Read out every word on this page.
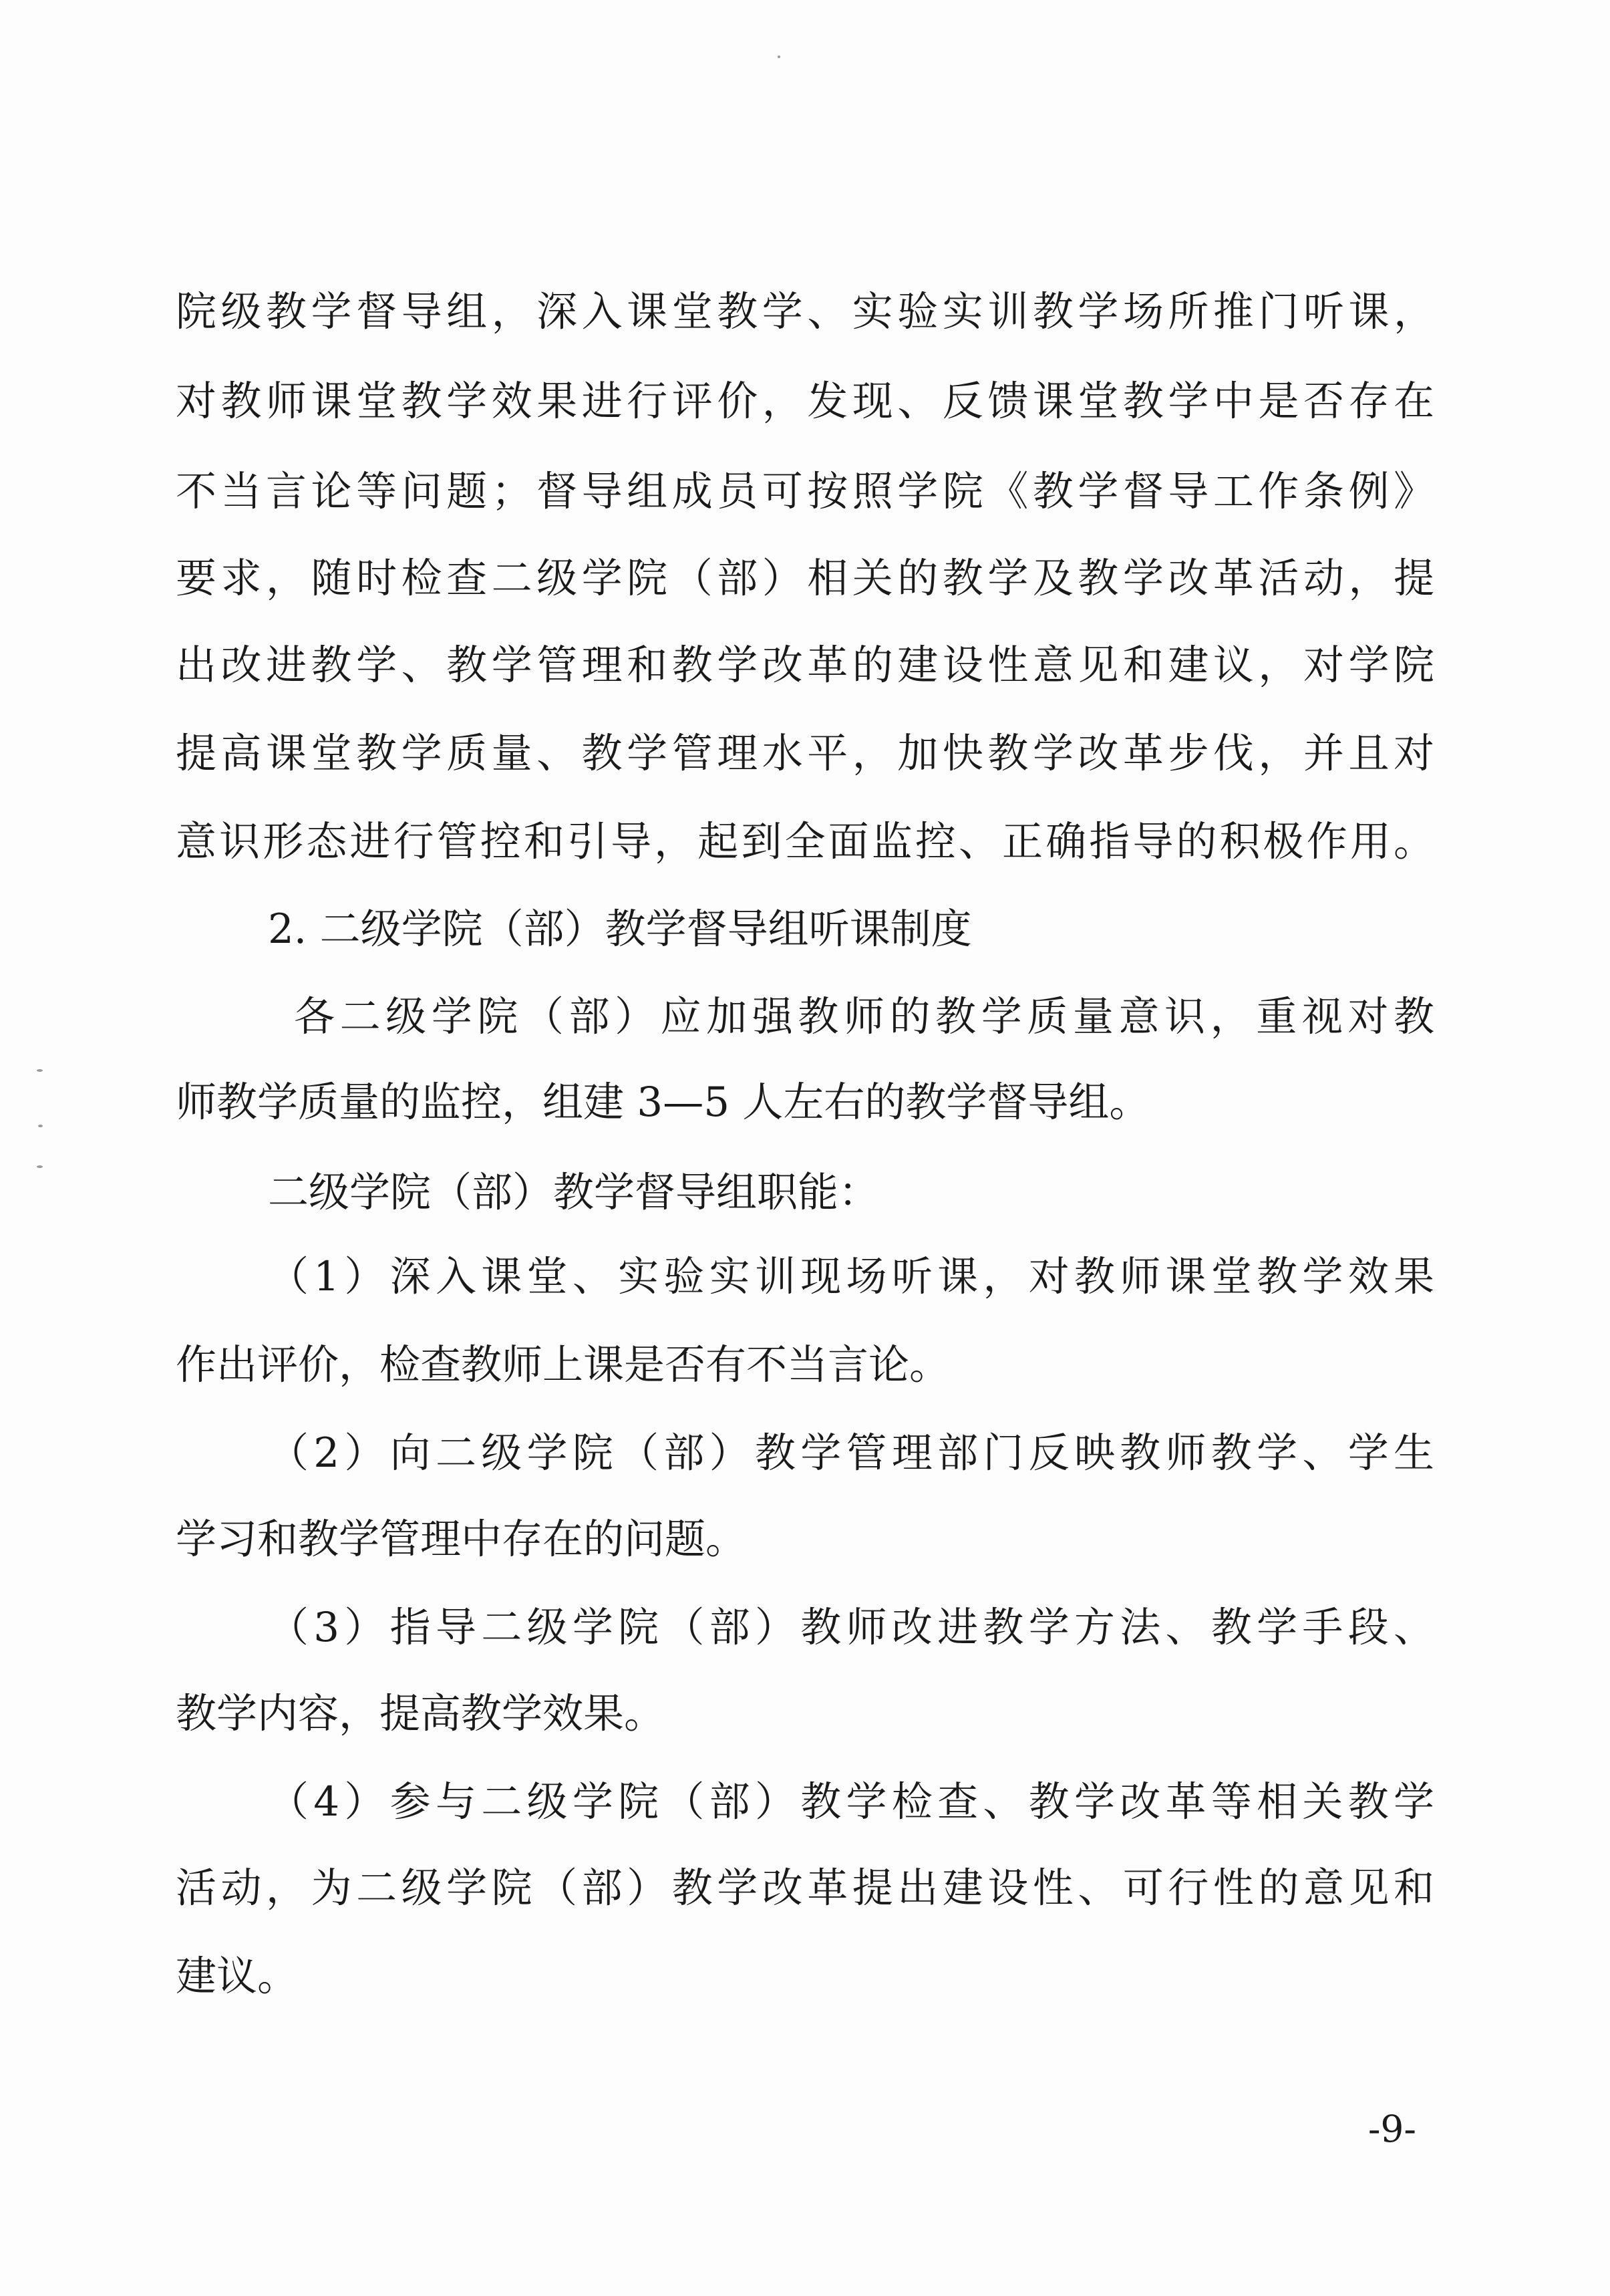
院级教学督导组，深入课堂教学、实验实训教学场所推门听课，
对教师课堂教学效果进行评价，发现、反馈课堂教学中是否存在
不当言论等问题；督导组成员可按照学院《教学督导工作条例》
要求，随时检查二级学院（部）相关的教学及教学改革活动，提
出改进教学、教学管理和教学改革的建设性意见和建议，对学院
提高课堂教学质量、教学管理水平，加快教学改革步伐，并且对
意识形态进行管控和引导，起到全面监控、正确指导的积极作用。
2. 二级学院（部）教学督导组听课制度
各二级学院（部）应加强教师的教学质量意识，重视对教
师教学质量的监控，组建 3—5 人左右的教学督导组。
二级学院（部）教学督导组职能：
（1）深入课堂、实验实训现场听课，对教师课堂教学效果
作出评价，检查教师上课是否有不当言论。
（2）向二级学院（部）教学管理部门反映教师教学、学生
学习和教学管理中存在的问题。
（3）指导二级学院（部）教师改进教学方法、教学手段、
教学内容，提高教学效果。
（4）参与二级学院（部）教学检查、教学改革等相关教学
活动，为二级学院（部）教学改革提出建设性、可行性的意见和
建议。
-9-
